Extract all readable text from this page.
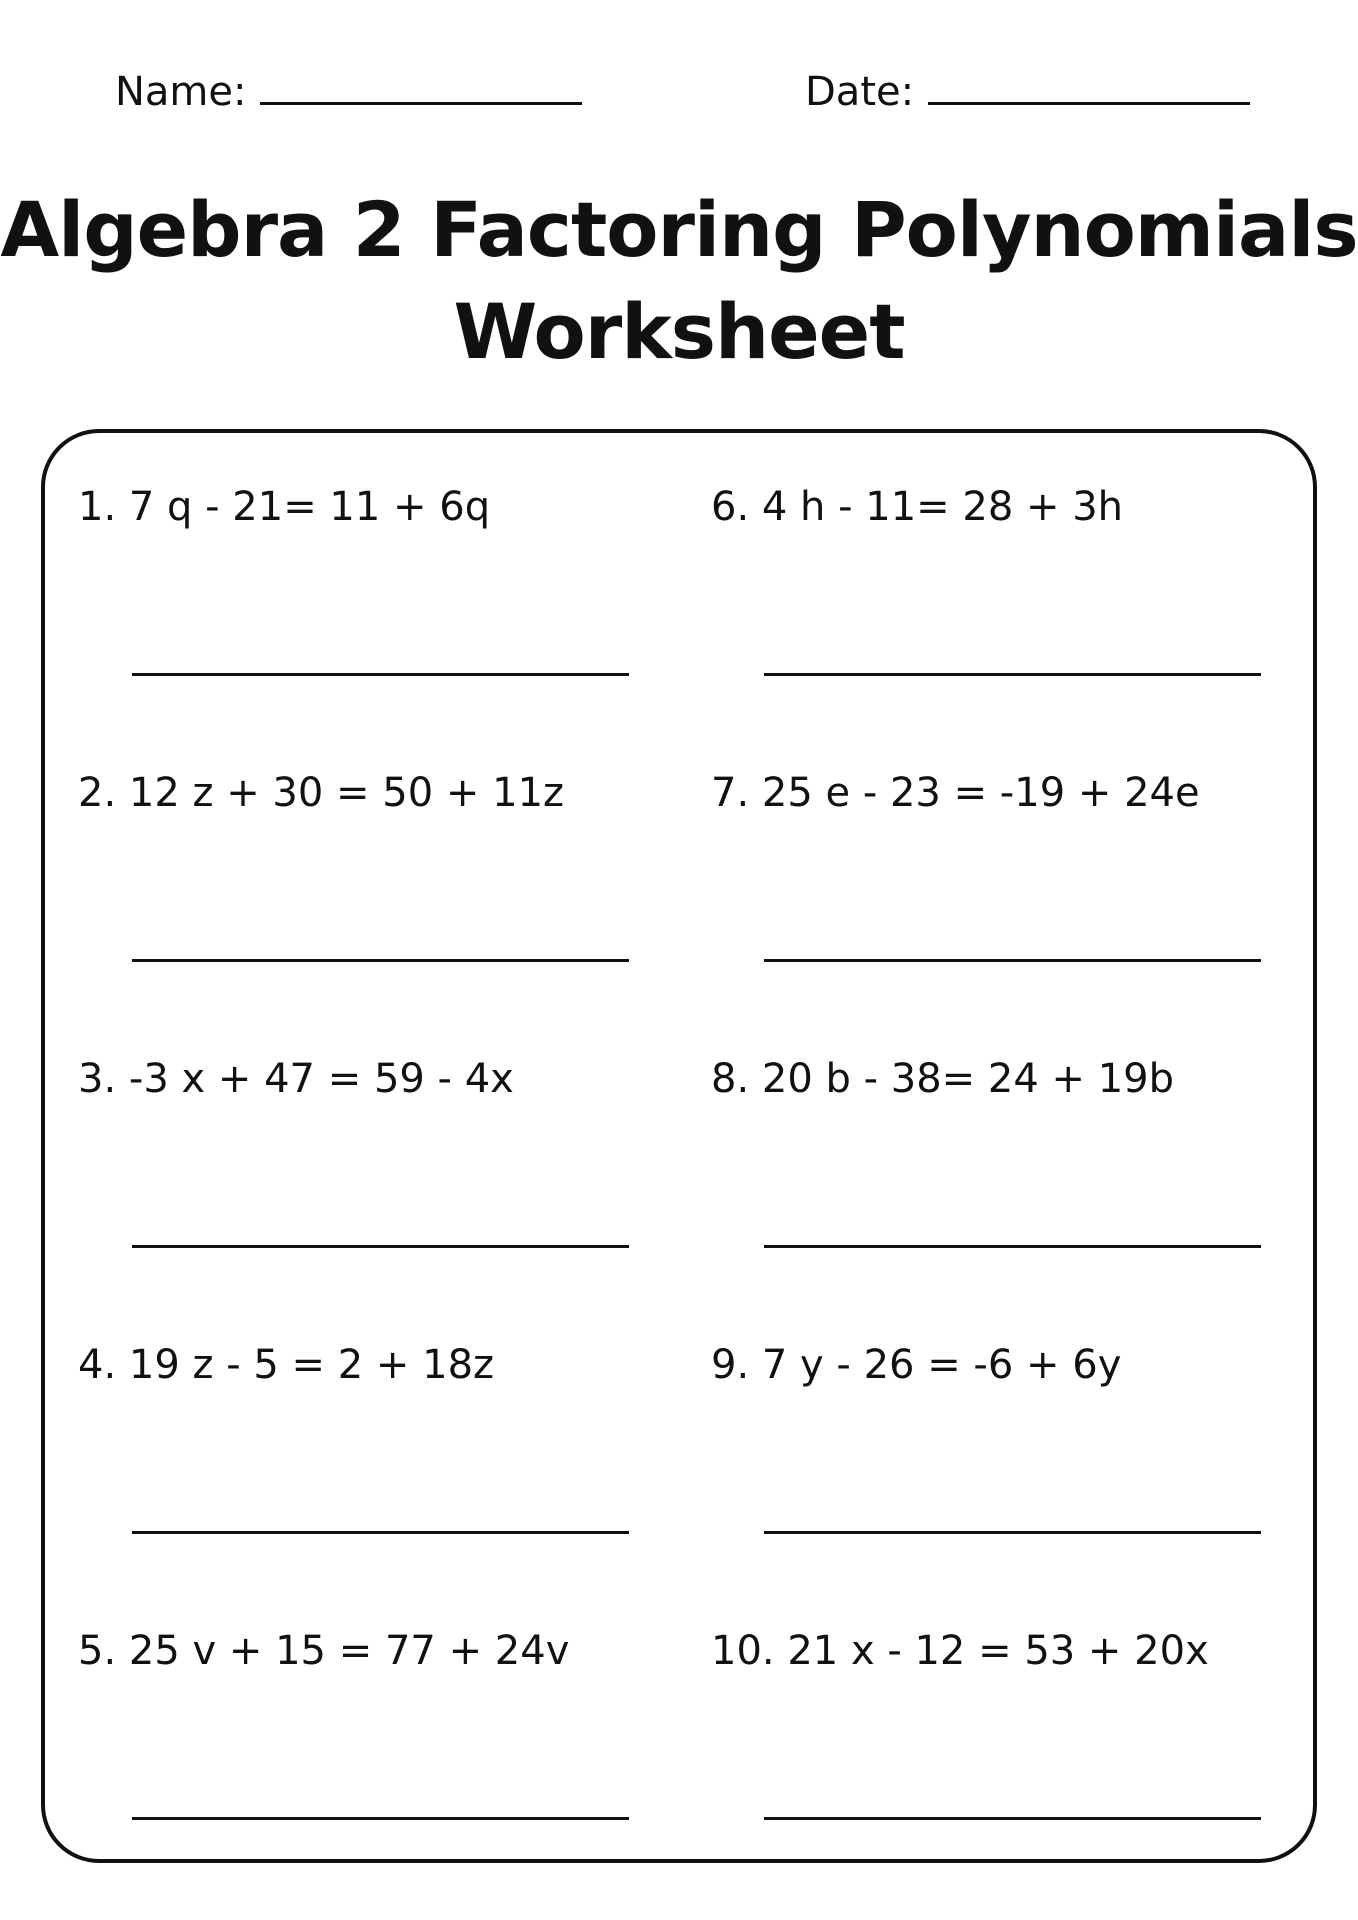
Name:	Date:
Algebra 2 Factoring Polynomials
Worksheet
1. 7 q - 21= 11 + 6q
2. 12 z + 30 = 50 + 11z
3. -3 x + 47 = 59 - 4x
4. 19 z - 5 = 2 + 18z
5. 25 v + 15 = 77 + 24v
6. 4 h - 11= 28 + 3h
7. 25 e - 23 = -19 + 24e
8. 20 b - 38= 24 + 19b
9. 7 y - 26 = -6 + 6y
10. 21 x - 12 = 53 + 20x
